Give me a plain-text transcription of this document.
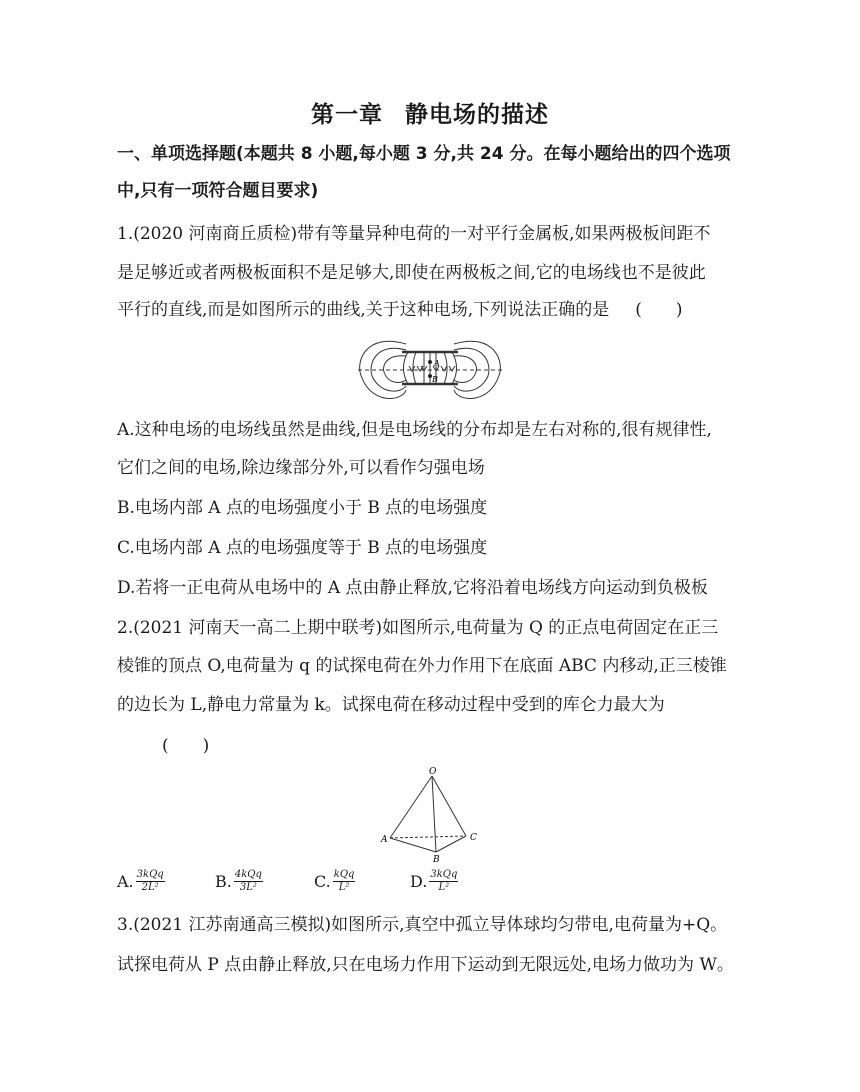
第一章 静电场的描述
一、单项选择题(本题共 8 小题,每小题 3 分,共 24 分。在每小题给出的四个选项
中,只有一项符合题目要求)
1.(2020 河南商丘质检)带有等量异种电荷的一对平行金属板,如果两极板间距不
是足够近或者两极板面积不是足够大,即使在两极板之间,它的电场线也不是彼此
平行的直线,而是如图所示的曲线,关于这种电场,下列说法正确的是 (　　)
A
B
A.这种电场的电场线虽然是曲线,但是电场线的分布却是左右对称的,很有规律性,
它们之间的电场,除边缘部分外,可以看作匀强电场
B.电场内部 A 点的电场强度小于 B 点的电场强度
C.电场内部 A 点的电场强度等于 B 点的电场强度
D.若将一正电荷从电场中的 A 点由静止释放,它将沿着电场线方向运动到负极板
2.(2021 河南天一高二上期中联考)如图所示,电荷量为 Q 的正点电荷固定在正三
棱锥的顶点 O,电荷量为 q 的试探电荷在外力作用下在底面 ABC 内移动,正三棱锥
的边长为 L,静电力常量为 k。试探电荷在移动过程中受到的库仑力最大为
(　　)
O
A
B
C
A. $\frac{\text{3kQq}}{\text{2L²}}$	B. $\frac{\text{4kQq}}{\text{3L²}}$	C. $\frac{\text{kQq}}{\text{L²}}$	D. $\frac{\text{3kQq}}{\text{L²}}$
3.(2021 江苏南通高三模拟)如图所示,真空中孤立导体球均匀带电,电荷量为+Q。
试探电荷从 P 点由静止释放,只在电场力作用下运动到无限远处,电场力做功为 W。
